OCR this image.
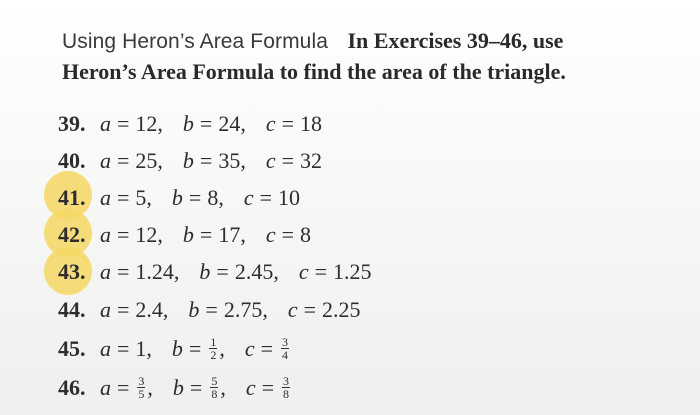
Using Heron’s Area Formula In Exercises 39–46, use
Heron’s Area Formula to find the area of the triangle.
39. a = 12, b = 24, c = 18
40. a = 25, b = 35, c = 32
41. a = 5, b = 8, c = 10
42. a = 12, b = 17, c = 8
43. a = 1.24, b = 2.45, c = 1.25
44. a = 2.4, b = 2.75, c = 2.25
45. a = 1, $b = \frac{1}{2}$ , $c = \frac{3}{4}$
46. $a = \frac{3}{5}$ , $b = \frac{5}{8}$ , $c = \frac{3}{8}$
